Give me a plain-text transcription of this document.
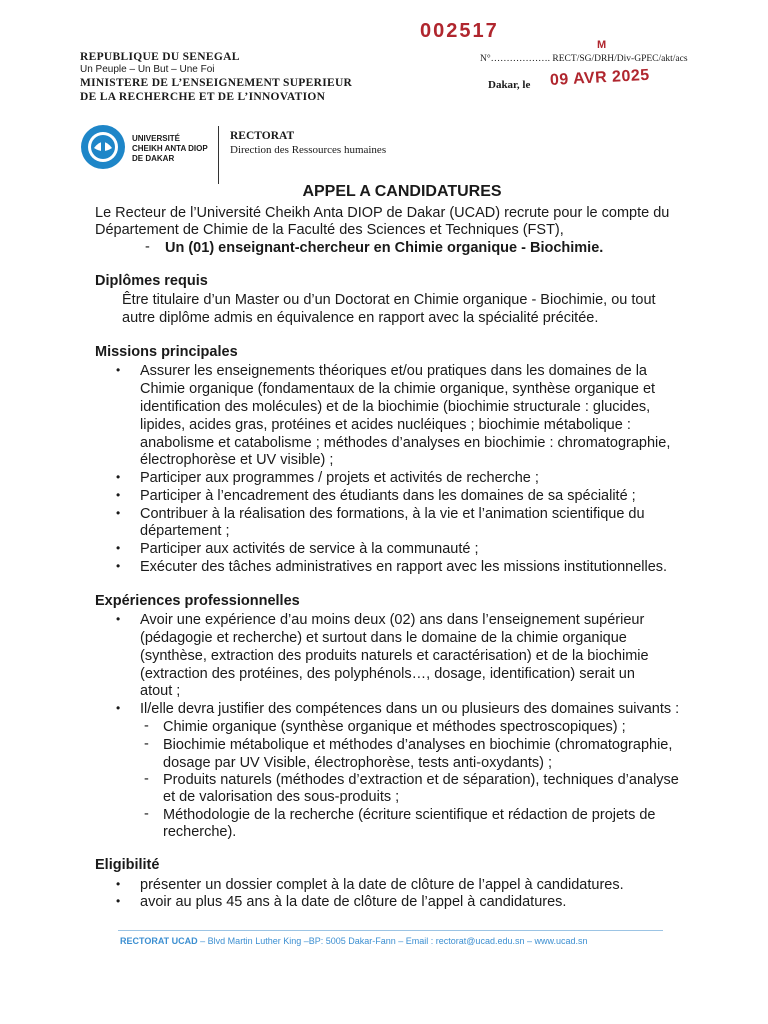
002517
REPUBLIQUE DU SENEGAL
Un Peuple – Un But – Une Foi
MINISTERE DE L’ENSEIGNEMENT SUPERIEUR
DE LA RECHERCHE ET DE L’INNOVATION
N°………………. RECT/SG/DRH/Div-GPEC/akt/acs
M
Dakar, le 09 AVR 2025
UNIVERSITÉ
CHEIKH ANTA DIOP
DE DAKAR
RECTORAT
Direction des Ressources humaines
APPEL A CANDIDATURES
Le Recteur de l’Université Cheikh Anta DIOP de Dakar (UCAD) recrute pour le compte du
Département de Chimie de la Faculté des Sciences et Techniques (FST),
- Un (01) enseignant-chercheur en Chimie organique - Biochimie.
Diplômes requis
Être titulaire d’un Master ou d’un Doctorat en Chimie organique - Biochimie, ou tout
autre diplôme admis en équivalence en rapport avec la spécialité précitée.
Missions principales
• Assurer les enseignements théoriques et/ou pratiques dans les domaines de la
Chimie organique (fondamentaux de la chimie organique, synthèse organique et
identification des molécules) et de la biochimie (biochimie structurale : glucides,
lipides, acides gras, protéines et acides nucléiques ; biochimie métabolique :
anabolisme et catabolisme ; méthodes d’analyses en biochimie : chromatographie,
électrophorèse et UV visible) ;
• Participer aux programmes / projets et activités de recherche ;
• Participer à l’encadrement des étudiants dans les domaines de sa spécialité ;
• Contribuer à la réalisation des formations, à la vie et l’animation scientifique du
département ;
• Participer aux activités de service à la communauté ;
• Exécuter des tâches administratives en rapport avec les missions institutionnelles.
Expériences professionnelles
• Avoir une expérience d’au moins deux (02) ans dans l’enseignement supérieur
(pédagogie et recherche) et surtout dans le domaine de la chimie organique
(synthèse, extraction des produits naturels et caractérisation) et de la biochimie
(extraction des protéines, des polyphénols…, dosage, identification) serait un
atout ;
• Il/elle devra justifier des compétences dans un ou plusieurs des domaines suivants :
- Chimie organique (synthèse organique et méthodes spectroscopiques) ;
- Biochimie métabolique et méthodes d’analyses en biochimie (chromatographie,
dosage par UV Visible, électrophorèse, tests anti-oxydants) ;
- Produits naturels (méthodes d’extraction et de séparation), techniques d’analyse
et de valorisation des sous-produits ;
- Méthodologie de la recherche (écriture scientifique et rédaction de projets de
recherche).
Eligibilité
• présenter un dossier complet à la date de clôture de l’appel à candidatures.
• avoir au plus 45 ans à la date de clôture de l’appel à candidatures.
RECTORAT UCAD – Blvd Martin Luther King –BP: 5005 Dakar-Fann – Email : rectorat@ucad.edu.sn – www.ucad.sn
